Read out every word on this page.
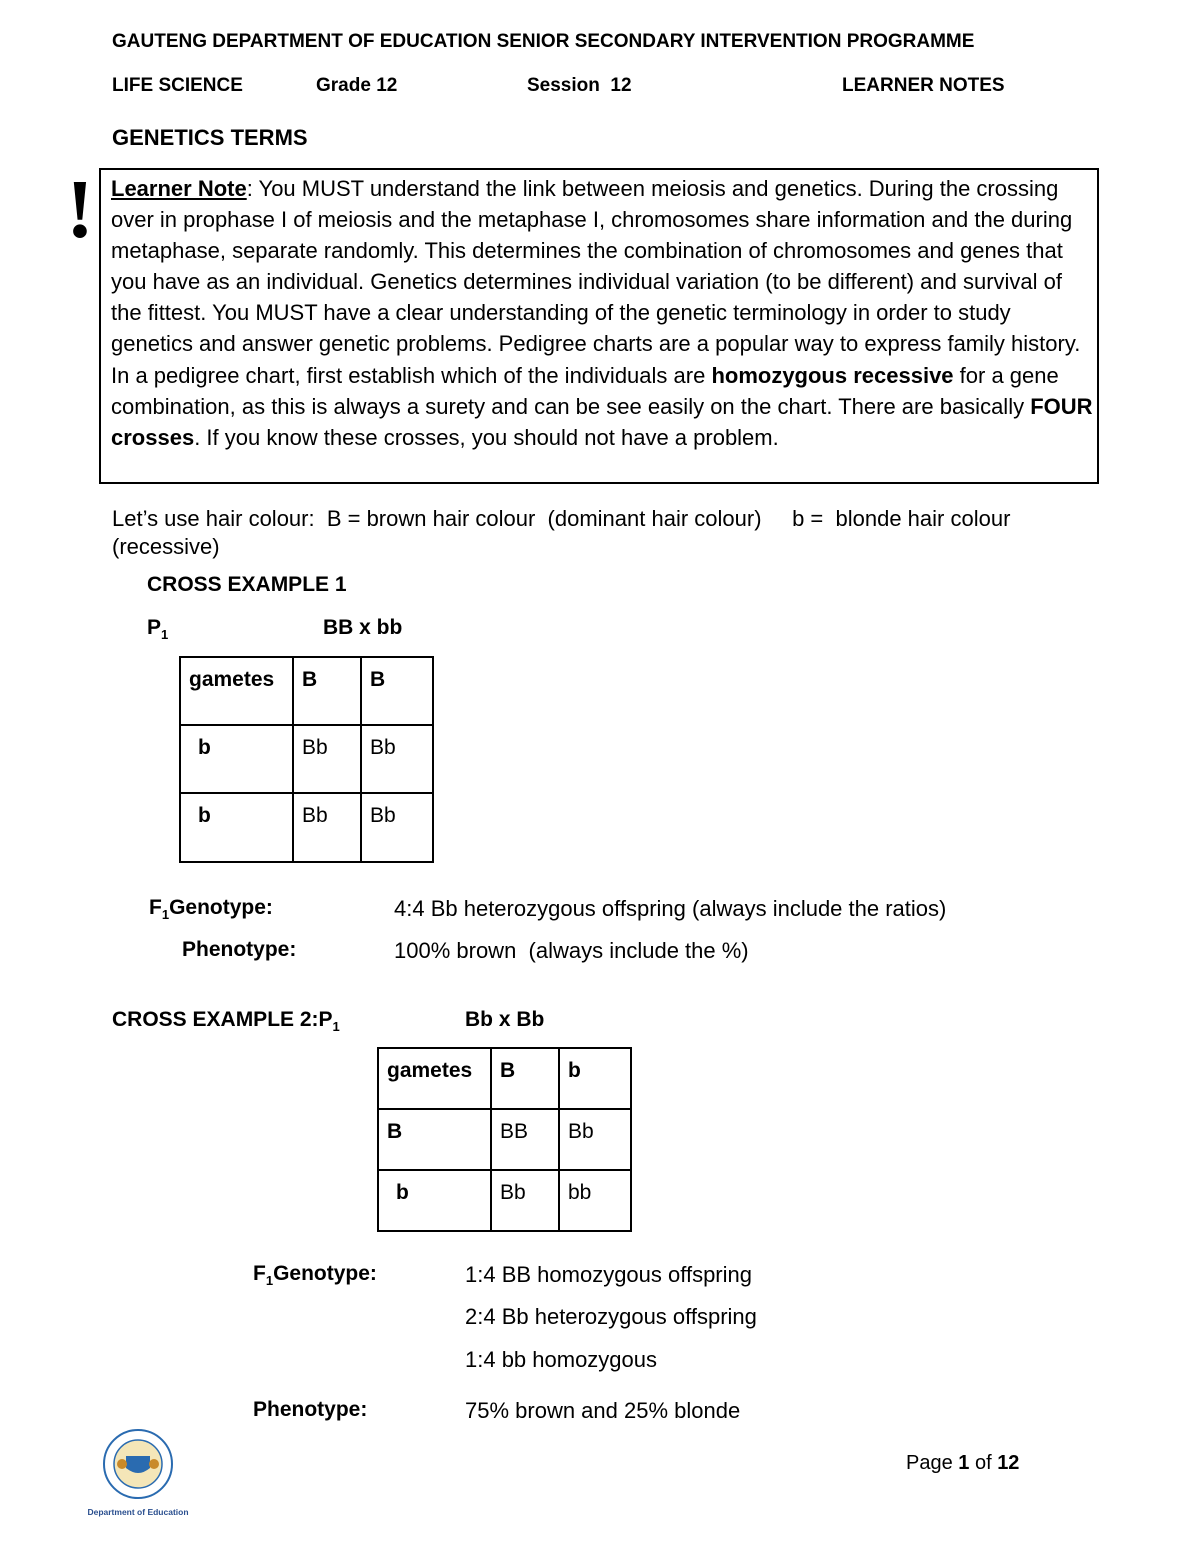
GAUTENG DEPARTMENT OF EDUCATION SENIOR SECONDARY INTERVENTION PROGRAMME
LIFE SCIENCE	Grade 12	Session  12	LEARNER NOTES
GENETICS TERMS
! Learner Note: You MUST understand the link between meiosis and genetics. During the crossing over in prophase I of meiosis and the metaphase I, chromosomes share information and the during metaphase, separate randomly. This determines the combination of chromosomes and genes that you have as an individual. Genetics determines individual variation (to be different) and survival of the fittest. You MUST have a clear understanding of the genetic terminology in order to study genetics and answer genetic problems. Pedigree charts are a popular way to express family history. In a pedigree chart, first establish which of the individuals are homozygous recessive for a gene combination, as this is always a surety and can be see easily on the chart. There are basically FOUR crosses. If you know these crosses, you should not have a problem.
Let’s use hair colour:  B = brown hair colour  (dominant hair colour)     b =  blonde hair colour
(recessive)
CROSS EXAMPLE 1
$P_1$	BB x bb
gametes	B	B
b	Bb	Bb
b	Bb	Bb
$F_1Genotype$:	4:4 Bb heterozygous offspring (always include the ratios)
Phenotype:	100% brown  (always include the %)
CROSS EXAMPLE $2:P_1$	Bb x Bb
gametes	B	b
B	BB	Bb
b	Bb	bb
$F_1Genotype$:	1:4 BB homozygous offspring
2:4 Bb heterozygous offspring
1:4 bb homozygous
Phenotype:	75% brown and 25% blonde
Department of Education
Page 1 of 12
